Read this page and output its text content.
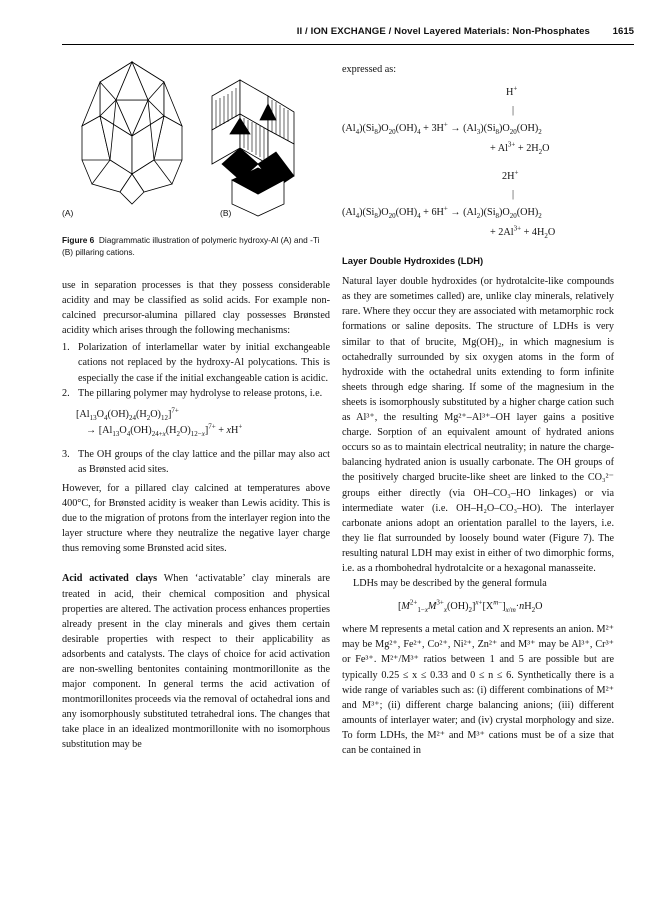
II / ION EXCHANGE / Novel Layered Materials: Non-Phosphates 1615
(A)	(B)
Figure 6 Diagrammatic illustration of polymeric hydroxy-Al (A) and -Ti (B) pillaring cations.

use in separation processes is that they possess considerable acidity and may be classified as solid acids. For example non-calcined precursor-alumina pillared clay possesses Brønsted acidity which arises through the following mechanisms:

1. Polarization of interlamellar water by initial exchangeable cations not replaced by the hydroxy-Al polycations. This is especially the case if the initial exchangeable cation is acidic.
2. The pillaring polymer may hydrolyse to release protons, i.e.
$[Al_{13}O_4(OH)_{24}(H_2O)_{12}]^{7+}$
→ $[Al_{13}O_4(OH)_{24+x}(H_2O)_{12-x}]^{7+} + xH^+$
3. The OH groups of the clay lattice and the pillar may also act as Brønsted acid sites.

However, for a pillared clay calcined at temperatures above 400°C, for Brønsted acidity is weaker than Lewis acidity. This is due to the migration of protons from the interlayer region into the layer structure where they neutralize the negative layer charge thus removing some Brønsted acid sites.

Acid activated clays When ‘activatable’ clay minerals are treated in acid, their chemical composition and physical properties are altered. The activation process enhances properties already present in the clay minerals and gives them certain desirable properties with respect to their applicability as adsorbents and catalysts. The clays of choice for acid activation are non-swelling bentonites containing montmorillonite as the major component. In general terms the acid activation of montmorillonites proceeds via the removal of octahedral ions and any isomorphously substituted tetrahedral ions. The changes that take place in an idealized montmorillonite with no isomorphous substitution may be

expressed as:

H+
|
$(Al_4)(Si_8)O_{20}(OH)_4 + 3H^+ \to (Al_3)(Si_8)O_{20}(OH)_2$
+ $Al^{3+} + 2H_2O$
2H+
|
$(Al_4)(Si_8)O_{20}(OH)_4 + 6H^+ \to (Al_2)(Si_8)O_{20}(OH)_2$
+ $2Al^{3+} + 4H_2O$
Layer Double Hydroxides (LDH)

Natural layer double hydroxides (or hydrotalcite-like compounds as they are sometimes called) are, unlike clay minerals, relatively rare. Where they occur they are associated with metamorphic rock formations or saline deposits. The structure of LDHs is very similar to that of brucite, Mg(OH)₂, in which magnesium is octahedrally surrounded by six oxygen atoms in the form of hydroxide with the octahedral units extending to form infinite sheets through edge sharing. If some of the magnesium in the sheets is isomorphously substituted by a higher charge cation such as Al³⁺, the resulting Mg²⁺–Al³⁺–OH layer gains a positive charge. Sorption of an equivalent amount of hydrated anions occurs so as to maintain electrical neutrality; in nature the charge-balancing hydrated anion is usually carbonate. The OH groups of the positively charged brucite-like sheet are linked to the CO₃²⁻ groups either directly (via OH–CO₃–HO linkages) or via intermediate water (i.e. OH–H₂O–CO₃–HO). The interlayer carbonate anions adopt an orientation parallel to the layers, i.e. they lie flat surrounded by loosely bound water (Figure 7). The resulting natural LDH may exist in either of two dimorphic forms, i.e. as a rhombohedral hydrotalcite or a hexagonal manasseite.

LDHs may be described by the general formula

$[M^{2+}_{1-x}M^{3+}_x(OH)_2]^{x+}[X^{m-}]_{x/m}\cdot nH_2O$

where M represents a metal cation and X represents an anion. M²⁺ may be Mg²⁺, Fe²⁺, Co²⁺, Ni²⁺, Zn²⁺ and M³⁺ may be Al³⁺, Cr³⁺ or Fe³⁺. M²⁺/M³⁺ ratios between 1 and 5 are possible but are typically 0.25 ≤ x ≤ 0.33 and 0 ≤ n ≤ 6. Synthetically there is a wide range of variables such as: (i) different combinations of M²⁺ and M³⁺; (ii) different charge balancing anions; (iii) different amounts of interlayer water; and (iv) crystal morphology and size. To form LDHs, the M²⁺ and M³⁺ cations must be of a size that can be contained in
